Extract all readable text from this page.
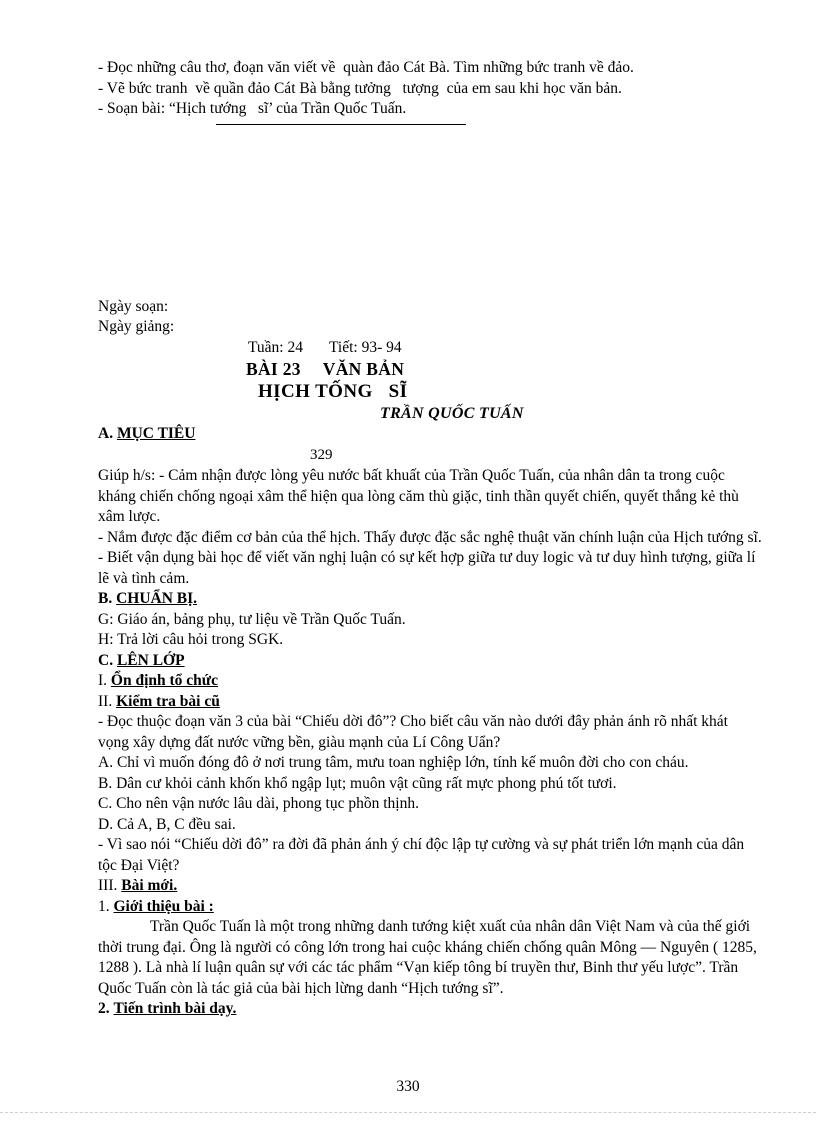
- Đọc những câu thơ, đoạn văn viết về  quàn đảo Cát Bà. Tìm những bức tranh về đảo.
- Vẽ bức tranh  về quần đảo Cát Bà bằng tưởng   tượng  của em sau khi học văn bản.
- Soạn bài: “Hịch tướng   sĩ’ của Trần Quốc Tuấn.
Ngày soạn:
Ngày giảng:
Tuần: 24 Tiết: 93- 94
BÀI 23 VĂN BẢN
HỊCH TỐNG SĨ
TRẦN QUỐC TUẤN
A. MỤC TIÊU
329

Giúp h/s: - Cảm nhận được lòng yêu nước bất khuất của Trần Quốc Tuấn, của nhân dân ta trong cuộc kháng chiến chống ngoại xâm thể hiện qua lòng căm thù giặc, tinh thần quyết chiến, quyết thắng kẻ thù xâm lược.

- Nắm được đặc điểm cơ bản của thể hịch. Thấy được đặc sắc nghệ thuật văn chính luận của Hịch tướng sĩ.

- Biết vận dụng bài học để viết văn nghị luận có sự kết hợp giữa tư duy logic và tư duy hình tượng, giữa lí lẽ và tình cảm.

B. CHUẨN BỊ.

G: Giáo án, bảng phụ, tư liệu về Trần Quốc Tuấn.

H: Trả lời câu hỏi trong SGK.

C. LÊN LỚP
I. Ổn định tổ chức
II. Kiểm tra bài cũ

- Đọc thuộc đoạn văn 3 của bài “Chiếu dời đô”? Cho biết câu văn nào dưới đây phản ánh rõ nhất khát vọng xây dựng đất nước vững bền, giàu mạnh của Lí Công Uẩn?

A. Chỉ vì muốn đóng đô ở nơi trung tâm, mưu toan nghiệp lớn, tính kế muôn đời cho con cháu.

B. Dân cư khỏi cảnh khốn khổ ngập lụt; muôn vật cũng rất mực phong phú tốt tươi.

C. Cho nên vận nước lâu dài, phong tục phồn thịnh.

D. Cả A, B, C đều sai.

- Vì sao nói “Chiếu dời đô” ra đời đã phản ánh ý chí độc lập tự cường và sự phát triển lớn mạnh của dân tộc Đại Việt?

III. Bài mới.
1. Giới thiệu bài :

Trần Quốc Tuấn là một trong những danh tướng kiệt xuất của nhân dân Việt Nam và của thế giới thời trung đại. Ông là người có công lớn trong hai cuộc kháng chiến chống quân Mông — Nguyên ( 1285, 1288 ). Là nhà lí luận quân sự với các tác phẩm “Vạn kiếp tông bí truyền thư, Binh thư yếu lược”. Trần Quốc Tuấn còn là tác giả của bài hịch lừng danh “Hịch tướng sĩ”.

2. Tiến trình bài dạy.
330
